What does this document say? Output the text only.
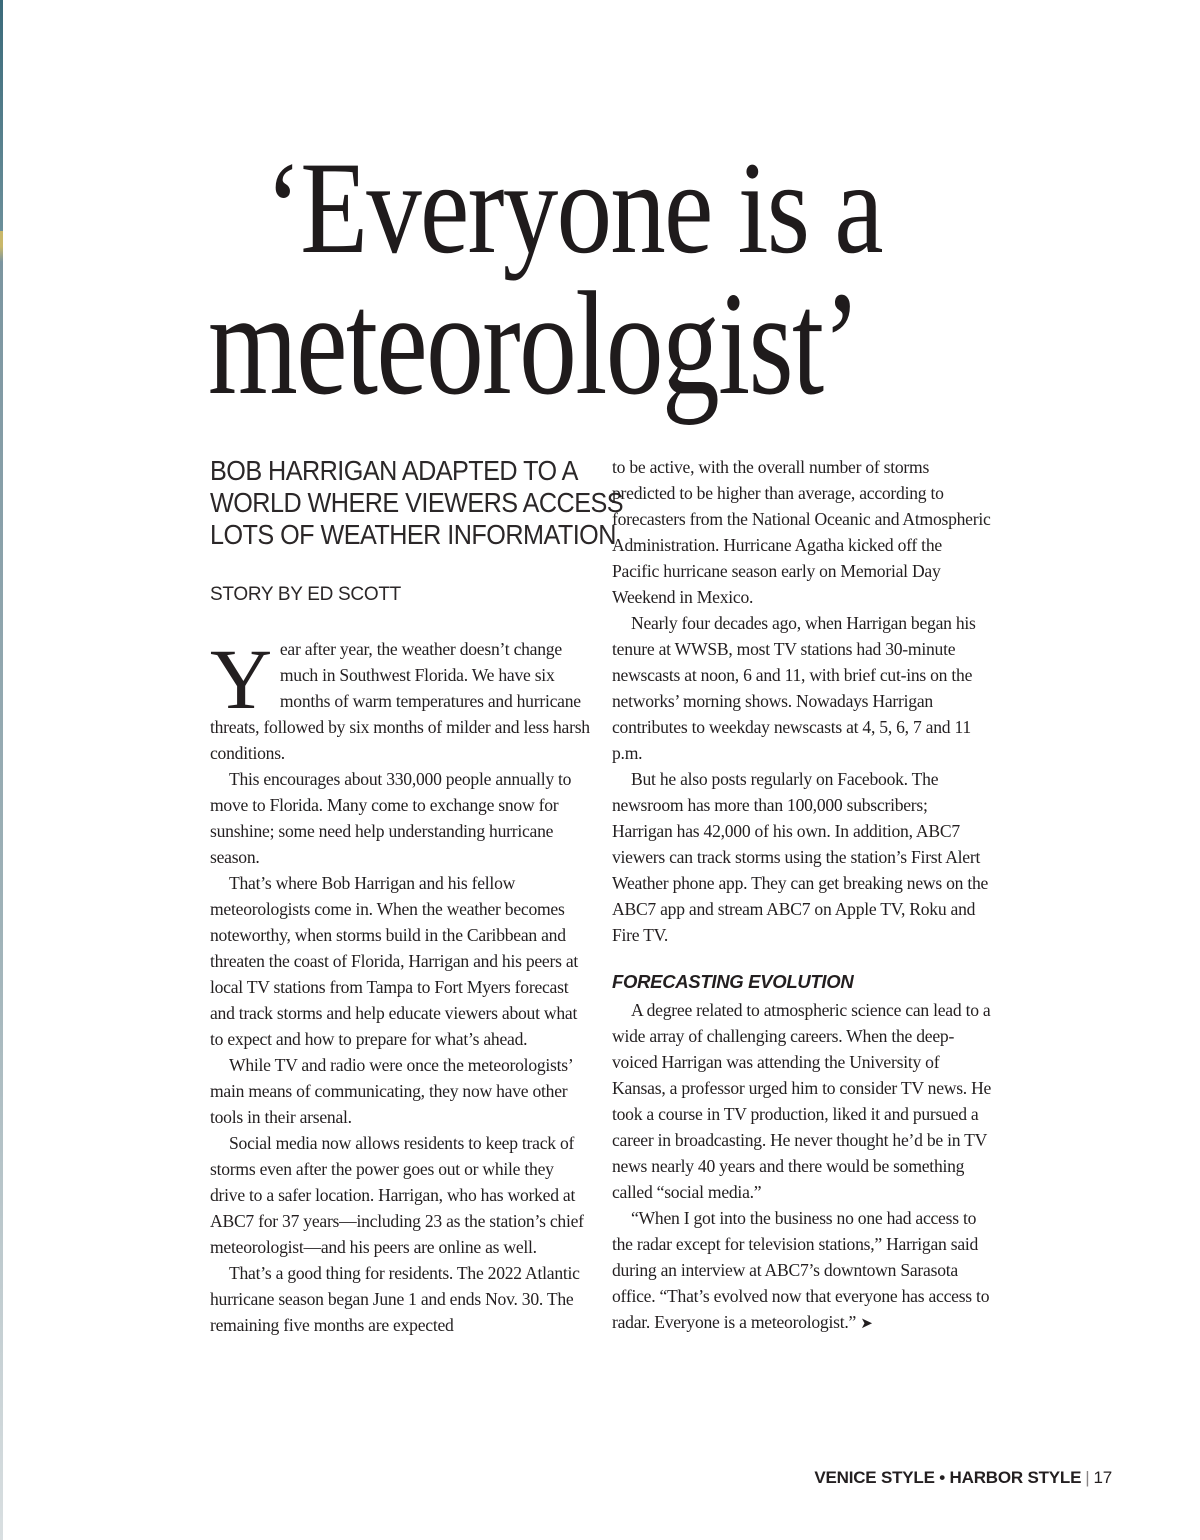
‘Everyone is a
meteorologist’
BOB HARRIGAN ADAPTED TO A
WORLD WHERE VIEWERS ACCESS
LOTS OF WEATHER INFORMATION
STORY BY ED SCOTT

Year after year, the weather doesn’t change much in Southwest Florida. We have six months of warm temperatures and hurricane threats, followed by six months of milder and less harsh conditions.

This encourages about 330,000 people annually to move to Florida. Many come to exchange snow for sunshine; some need help understanding hurricane season.

That’s where Bob Harrigan and his fellow meteorologists come in. When the weather becomes noteworthy, when storms build in the Caribbean and threaten the coast of Florida, Harrigan and his peers at local TV stations from Tampa to Fort Myers forecast and track storms and help educate viewers about what to expect and how to prepare for what’s ahead.

While TV and radio were once the meteorologists’ main means of communicating, they now have other tools in their arsenal.

Social media now allows residents to keep track of storms even after the power goes out or while they drive to a safer location. Harrigan, who has worked at ABC7 for 37 years—including 23 as the station’s chief meteorologist—and his peers are online as well.

That’s a good thing for residents. The 2022 Atlantic hurricane season began June 1 and ends Nov. 30. The remaining five months are expected

to be active, with the overall number of storms predicted to be higher than average, according to forecasters from the National Oceanic and Atmospheric Administration. Hurricane Agatha kicked off the Pacific hurricane season early on Memorial Day Weekend in Mexico.

Nearly four decades ago, when Harrigan began his tenure at WWSB, most TV stations had 30-minute newscasts at noon, 6 and 11, with brief cut-ins on the networks’ morning shows. Nowadays Harrigan contributes to weekday newscasts at 4, 5, 6, 7 and 11 p.m.

But he also posts regularly on Facebook. The newsroom has more than 100,000 subscribers; Harrigan has 42,000 of his own. In addition, ABC7 viewers can track storms using the station’s First Alert Weather phone app. They can get breaking news on the ABC7 app and stream ABC7 on Apple TV, Roku and Fire TV.

FORECASTING EVOLUTION

A degree related to atmospheric science can lead to a wide array of challenging careers. When the deep-voiced Harrigan was attending the University of Kansas, a professor urged him to consider TV news. He took a course in TV production, liked it and pursued a career in broadcasting. He never thought he’d be in TV news nearly 40 years and there would be something called “social media.”

“When I got into the business no one had access to the radar except for television stations,” Harrigan said during an interview at ABC7’s downtown Sarasota office. “That’s evolved now that everyone has access to radar. Everyone is a meteorologist.” ➤

VENICE STYLE • HARBOR STYLE | 17
